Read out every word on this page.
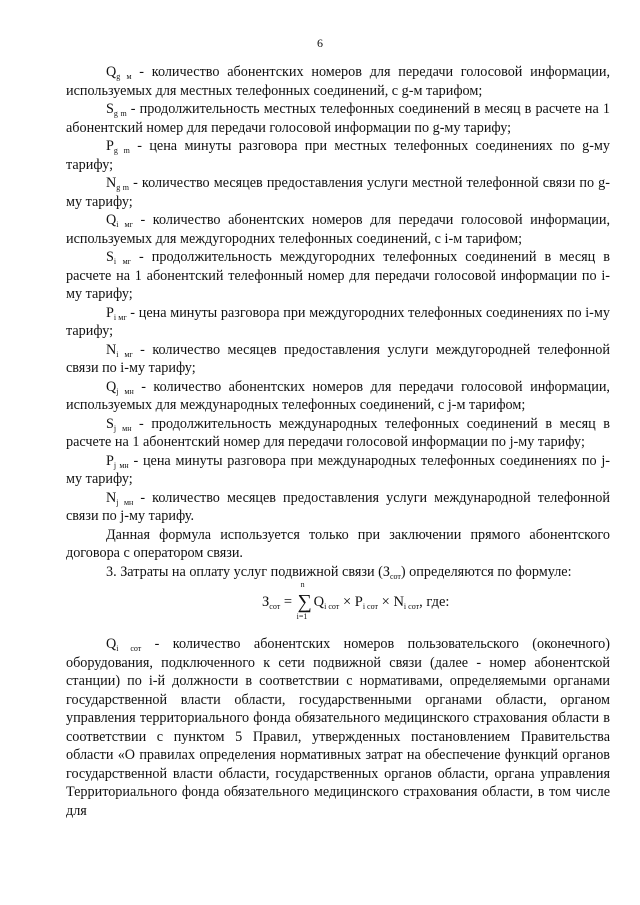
6

$Q_{g м}$ - количество абонентских номеров для передачи голосовой информации, используемых для местных телефонных соединений, с g-м тарифом;

$S_{g m}$ - продолжительность местных телефонных соединений в месяц в расчете на 1 абонентский номер для передачи голосовой информации по g-му тарифу;

$P_{g m}$ - цена минуты разговора при местных телефонных соединениях по g-му тарифу;

$N_{g m}$ - количество месяцев предоставления услуги местной телефонной связи по g-му тарифу;

$Q_{i мг}$ - количество абонентских номеров для передачи голосовой информации, используемых для междугородних телефонных соединений, с i-м тарифом;

$S_{i мг}$ - продолжительность междугородних телефонных соединений в месяц в расчете на 1 абонентский телефонный номер для передачи голосовой информации по i-му тарифу;

$P_{i мг}$ - цена минуты разговора при междугородних телефонных соединениях по i-му тарифу;

$N_{i мг}$ - количество месяцев предоставления услуги междугородней телефонной связи по i-му тарифу;

$Q_{j мн}$ - количество абонентских номеров для передачи голосовой информации, используемых для международных телефонных соединений, с j-м тарифом;

$S_{j мн}$ - продолжительность международных телефонных соединений в месяц в расчете на 1 абонентский номер для передачи голосовой информации по j-му тарифу;

$P_{j мн}$ - цена минуты разговора при международных телефонных соединениях по j-му тарифу;

$N_{j мн}$ - количество месяцев предоставления услуги международной телефонной связи по j-му тарифу.

Данная формула используется только при заключении прямого абонентского договора с оператором связи.

3. Затраты на оплату услуг подвижной связи $(З_{сот})$ определяются по формуле:

$З_{сот}$ = ∑
n
i=1
$Q_{i сот} \times P_{i сот} \times N_{i сот}$, где:

$Q_{i сот}$ - количество абонентских номеров пользовательского (оконечного) оборудования, подключенного к сети подвижной связи (далее - номер абонентской станции) по i-й должности в соответствии с нормативами, определяемыми органами государственной власти области, государственными органами области, органом управления территориального фонда обязательного медицинского страхования области в соответствии с пунктом 5 Правил, утвержденных постановлением Правительства области «О правилах определения нормативных затрат на обеспечение функций органов государственной власти области, государственных органов области, органа управления Территориального фонда обязательного медицинского страхования области, в том числе для
